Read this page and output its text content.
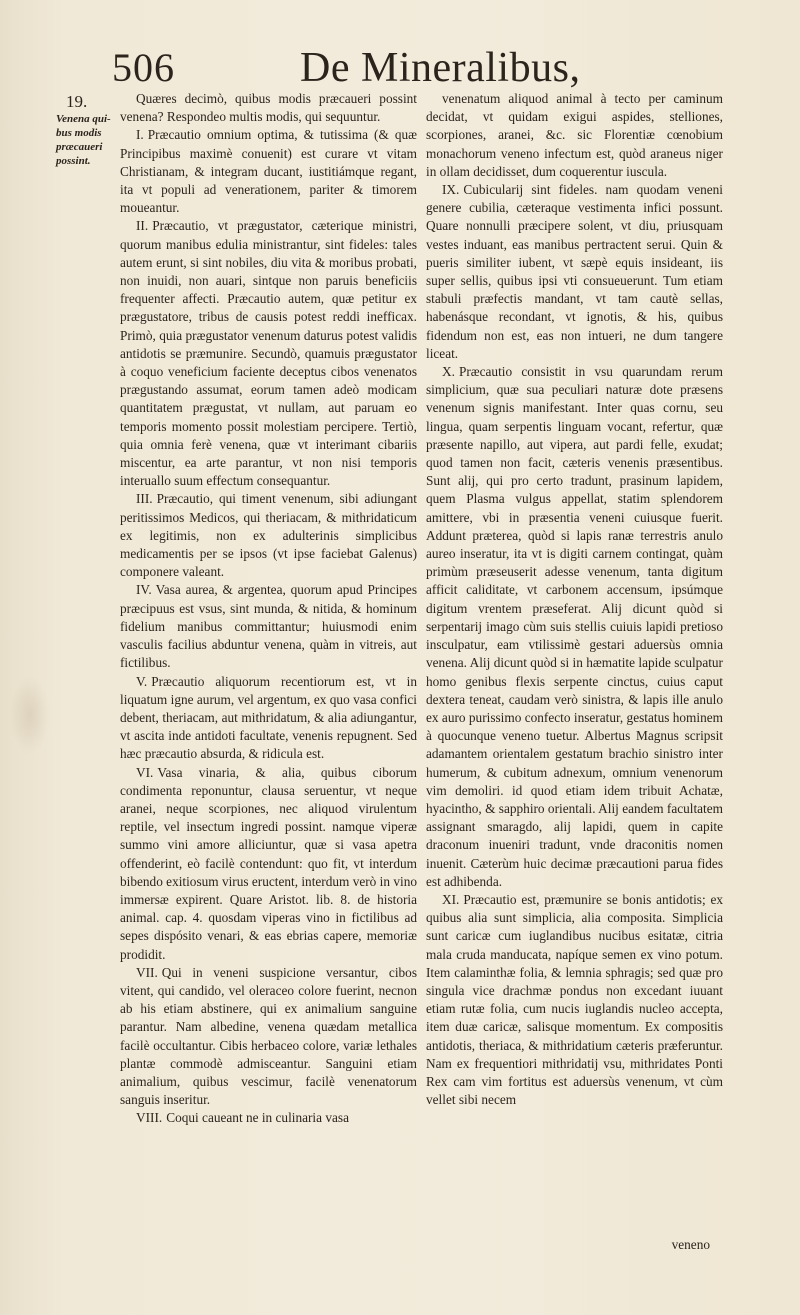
506	De Mineralibus,
19.
Venena qui-
bus modis
præcaueri
possint.

Quæres decimò, quibus modis præcaueri possint venena? Respondeo multis modis, qui sequuntur.

I. Præcautio omnium optima, & tutissima (& quæ Principibus maximè conuenit) est curare vt vitam Christianam, & integram ducant, iustitiámque regant, ita vt populi ad venerationem, pariter & timorem moueantur.

II. Præcautio, vt prægustator, cæterique ministri, quorum manibus edulia ministrantur, sint fideles: tales autem erunt, si sint nobiles, diu vita & moribus probati, non inuidi, non auari, sintque non paruis beneficiis frequenter affecti. Præcautio autem, quæ petitur ex prægustatore, tribus de causis potest reddi inefficax. Primò, quia prægustator venenum daturus potest validis antidotis se præmunire. Secundò, quamuis prægustator à coquo veneficium faciente deceptus cibos venenatos prægustando assumat, eorum tamen adeò modicam quantitatem prægustat, vt nullam, aut paruam eo temporis momento possit molestiam percipere. Tertiò, quia omnia ferè venena, quæ vt interimant cibariis miscentur, ea arte parantur, vt non nisi temporis interuallo suum effectum consequantur.

III. Præcautio, qui timent venenum, sibi adiungant peritissimos Medicos, qui theriacam, & mithridaticum ex legitimis, non ex adulterinis simplicibus medicamentis per se ipsos (vt ipse faciebat Galenus) componere valeant.

IV. Vasa aurea, & argentea, quorum apud Principes præcipuus est vsus, sint munda, & nitida, & hominum fidelium manibus committantur; huiusmodi enim vasculis facilius abduntur venena, quàm in vitreis, aut fictilibus.

V. Præcautio aliquorum recentiorum est, vt in liquatum igne aurum, vel argentum, ex quo vasa confici debent, theriacam, aut mithridatum, & alia adiungantur, vt ascita inde antidoti facultate, venenis repugnent. Sed hæc præcautio absurda, & ridicula est.

VI. Vasa vinaria, & alia, quibus ciborum condimenta reponuntur, clausa seruentur, vt neque aranei, neque scorpiones, nec aliquod virulentum reptile, vel insectum ingredi possint. namque viperæ summo vini amore alliciuntur, quæ si vasa apetra offenderint, eò facilè contendunt: quo fit, vt interdum bibendo exitiosum virus eructent, interdum verò in vino immersæ expirent. Quare Aristot. lib. 8. de historia animal. cap. 4. quosdam viperas vino in fictilibus ad sepes dispósito venari, & eas ebrias capere, memoriæ prodidit.

VII. Qui in veneni suspicione versantur, cibos vitent, qui candido, vel oleraceo colore fuerint, necnon ab his etiam abstinere, qui ex animalium sanguine parantur. Nam albedine, venena quædam metallica facilè occultantur. Cibis herbaceo colore, variæ lethales plantæ commodè admisceantur. Sanguini etiam animalium, quibus vescimur, facilè venenatorum sanguis inseritur.

VIII. Coqui caueant ne in culinaria vasa

venenatum aliquod animal à tecto per caminum decidat, vt quidam exigui aspides, stelliones, scorpiones, aranei, &c. sic Florentiæ cœnobium monachorum veneno infectum est, quòd araneus niger in ollam decidisset, dum coquerentur iuscula.

IX. Cubicularij sint fideles. nam quodam veneni genere cubilia, cæteraque vestimenta infici possunt. Quare nonnulli præcipere solent, vt diu, priusquam vestes induant, eas manibus pertractent serui. Quin & pueris similiter iubent, vt sæpè equis insideant, iis super sellis, quibus ipsi vti consueuerunt. Tum etiam stabuli præfectis mandant, vt tam cautè sellas, habenásque recondant, vt ignotis, & his, quibus fidendum non est, eas non intueri, ne dum tangere liceat.

X. Præcautio consistit in vsu quarundam rerum simplicium, quæ sua peculiari naturæ dote præsens venenum signis manifestant. Inter quas cornu, seu lingua, quam serpentis linguam vocant, refertur, quæ præsente napillo, aut vipera, aut pardi felle, exudat; quod tamen non facit, cæteris venenis præsentibus. Sunt alij, qui pro certo tradunt, prasinum lapidem, quem Plasma vulgus appellat, statim splendorem amittere, vbi in præsentia veneni cuiusque fuerit. Addunt præterea, quòd si lapis ranæ terrestris anulo aureo inseratur, ita vt is digiti carnem contingat, quàm primùm præseuserit adesse venenum, tanta digitum afficit caliditate, vt carbonem accensum, ipsúmque digitum vrentem præseferat. Alij dicunt quòd si serpentarij imago cùm suis stellis cuiuis lapidi pretioso insculpatur, eam vtilissimè gestari aduersùs omnia venena. Alij dicunt quòd si in hæmatite lapide sculpatur homo genibus flexis serpente cinctus, cuius caput dextera teneat, caudam verò sinistra, & lapis ille anulo ex auro purissimo confecto inseratur, gestatus hominem à quocunque veneno tuetur. Albertus Magnus scripsit adamantem orientalem gestatum brachio sinistro inter humerum, & cubitum adnexum, omnium venenorum vim demoliri. id quod etiam idem tribuit Achatæ, hyacintho, & sapphiro orientali. Alij eandem facultatem assignant smaragdo, alij lapidi, quem in capite draconum inueniri tradunt, vnde draconitis nomen inuenit. Cæterùm huic decimæ præcautioni parua fides est adhibenda.

XI. Præcautio est, præmunire se bonis antidotis; ex quibus alia sunt simplicia, alia composita. Simplicia sunt caricæ cum iuglandibus nucibus esitatæ, citria mala cruda manducata, napíque semen ex vino potum. Item calaminthæ folia, & lemnia sphragis; sed quæ pro singula vice drachmæ pondus non excedant iuuant etiam rutæ folia, cum nucis iuglandis nucleo accepta, item duæ caricæ, salisque momentum. Ex compositis antidotis, theriaca, & mithridatium cæteris præferuntur. Nam ex frequentiori mithridatij vsu, mithridates Ponti Rex cam vim fortitus est aduersùs venenum, vt cùm vellet sibi necem

veneno
